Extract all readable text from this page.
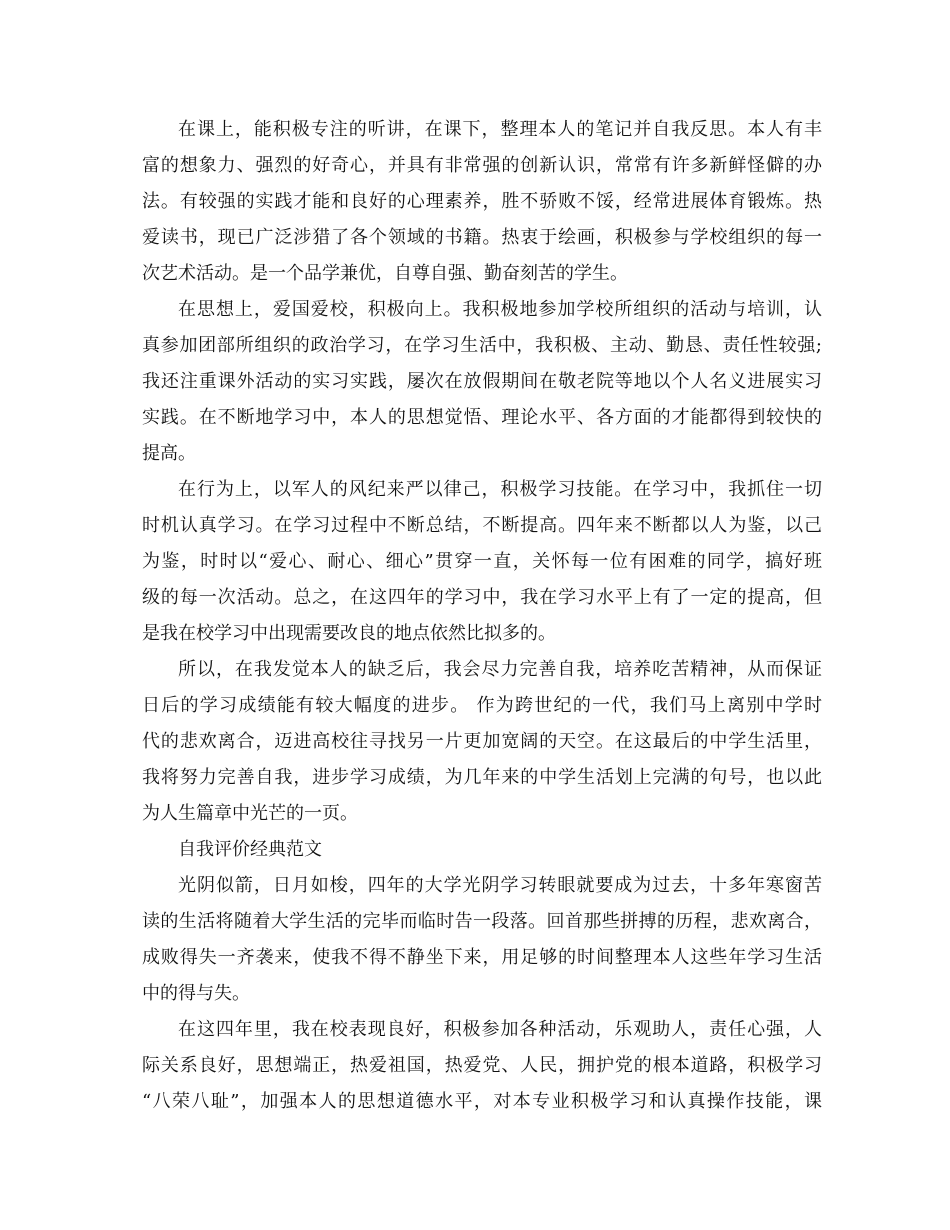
在课上，能积极专注的听讲，在课下，整理本人的笔记并自我反思。本人有丰

富的想象力、强烈的好奇心，并具有非常强的创新认识，常常有许多新鲜怪僻的办

法。有较强的实践才能和良好的心理素养，胜不骄败不馁，经常进展体育锻炼。热

爱读书，现已广泛涉猎了各个领域的书籍。热衷于绘画，积极参与学校组织的每一

次艺术活动。是一个品学兼优，自尊自强、勤奋刻苦的学生。

在思想上，爱国爱校，积极向上。我积极地参加学校所组织的活动与培训，认

真参加团部所组织的政治学习，在学习生活中，我积极、主动、勤恳、责任性较强;

我还注重课外活动的实习实践，屡次在放假期间在敬老院等地以个人名义进展实习

实践。在不断地学习中，本人的思想觉悟、理论水平、各方面的才能都得到较快的

提高。

在行为上，以军人的风纪来严以律己，积极学习技能。在学习中，我抓住一切

时机认真学习。在学习过程中不断总结，不断提高。四年来不断都以人为鉴，以己

为鉴，时时以“爱心、耐心、细心”贯穿一直，关怀每一位有困难的同学，搞好班

级的每一次活动。总之，在这四年的学习中，我在学习水平上有了一定的提高，但

是我在校学习中出现需要改良的地点依然比拟多的。

所以，在我发觉本人的缺乏后，我会尽力完善自我，培养吃苦精神，从而保证

日后的学习成绩能有较大幅度的进步。 作为跨世纪的一代，我们马上离别中学时

代的悲欢离合，迈进高校往寻找另一片更加宽阔的天空。在这最后的中学生活里，

我将努力完善自我，进步学习成绩，为几年来的中学生活划上完满的句号，也以此

为人生篇章中光芒的一页。

自我评价经典范文

光阴似箭，日月如梭，四年的大学光阴学习转眼就要成为过去，十多年寒窗苦

读的生活将随着大学生活的完毕而临时告一段落。回首那些拼搏的历程，悲欢离合，

成败得失一齐袭来，使我不得不静坐下来，用足够的时间整理本人这些年学习生活

中的得与失。

在这四年里，我在校表现良好，积极参加各种活动，乐观助人，责任心强，人

际关系良好，思想端正，热爱祖国，热爱党、人民，拥护党的根本道路，积极学习

“八荣八耻”，加强本人的思想道德水平，对本专业积极学习和认真操作技能，课
